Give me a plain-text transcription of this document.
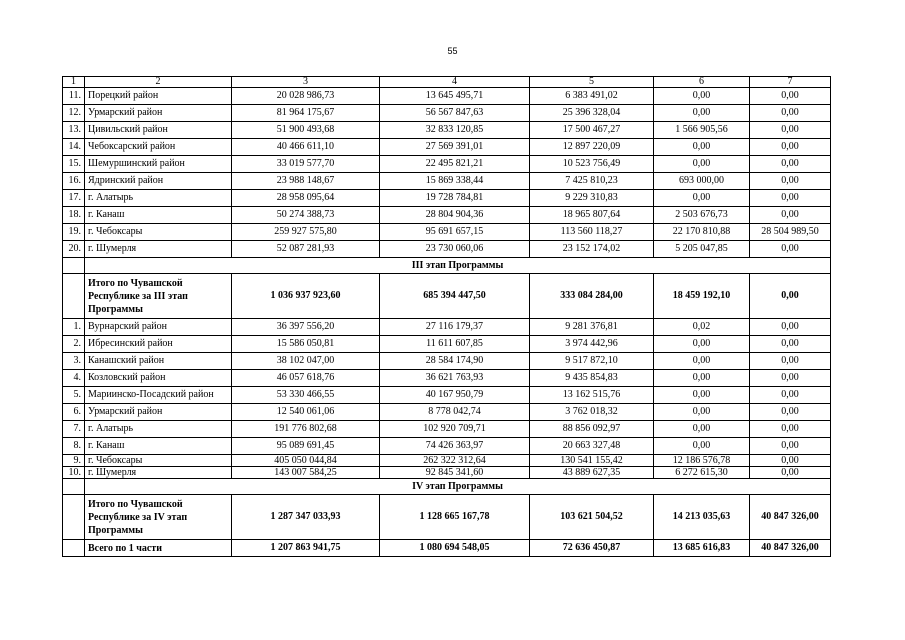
55
1	2	3	4	5	6	7
11.	Порецкий район	20 028 986,73	13 645 495,71	6 383 491,02	0,00	0,00
12.	Урмарский район	81 964 175,67	56 567 847,63	25 396 328,04	0,00	0,00
13.	Цивильский район	51 900 493,68	32 833 120,85	17 500 467,27	1 566 905,56	0,00
14.	Чебоксарский район	40 466 611,10	27 569 391,01	12 897 220,09	0,00	0,00
15.	Шемуршинский район	33 019 577,70	22 495 821,21	10 523 756,49	0,00	0,00
16.	Ядринский район	23 988 148,67	15 869 338,44	7 425 810,23	693 000,00	0,00
17.	г. Алатырь	28 958 095,64	19 728 784,81	9 229 310,83	0,00	0,00
18.	г. Канаш	50 274 388,73	28 804 904,36	18 965 807,64	2 503 676,73	0,00
19.	г. Чебоксары	259 927 575,80	95 691 657,15	113 560 118,27	22 170 810,88	28 504 989,50
20.	г. Шумерля	52 087 281,93	23 730 060,06	23 152 174,02	5 205 047,85	0,00
	III этап Программы					
	Итого по Чувашской Республике за III этап Программы	1 036 937 923,60	685 394 447,50	333 084 284,00	18 459 192,10	0,00
1.	Вурнарский район	36 397 556,20	27 116 179,37	9 281 376,81	0,02	0,00
2.	Ибресинский район	15 586 050,81	11 611 607,85	3 974 442,96	0,00	0,00
3.	Канашский район	38 102 047,00	28 584 174,90	9 517 872,10	0,00	0,00
4.	Козловский район	46 057 618,76	36 621 763,93	9 435 854,83	0,00	0,00
5.	Мариинско-Посадский район	53 330 466,55	40 167 950,79	13 162 515,76	0,00	0,00
6.	Урмарский район	12 540 061,06	8 778 042,74	3 762 018,32	0,00	0,00
7.	г. Алатырь	191 776 802,68	102 920 709,71	88 856 092,97	0,00	0,00
8.	г. Канаш	95 089 691,45	74 426 363,97	20 663 327,48	0,00	0,00
9.	г. Чебоксары	405 050 044,84	262 322 312,64	130 541 155,42	12 186 576,78	0,00
10.	г. Шумерля	143 007 584,25	92 845 341,60	43 889 627,35	6 272 615,30	0,00
	IV этап Программы					
	Итого по Чувашской Республике за IV этап Программы	1 287 347 033,93	1 128 665 167,78	103 621 504,52	14 213 035,63	40 847 326,00
	Всего по 1 части	1 207 863 941,75	1 080 694 548,05	72 636 450,87	13 685 616,83	40 847 326,00
